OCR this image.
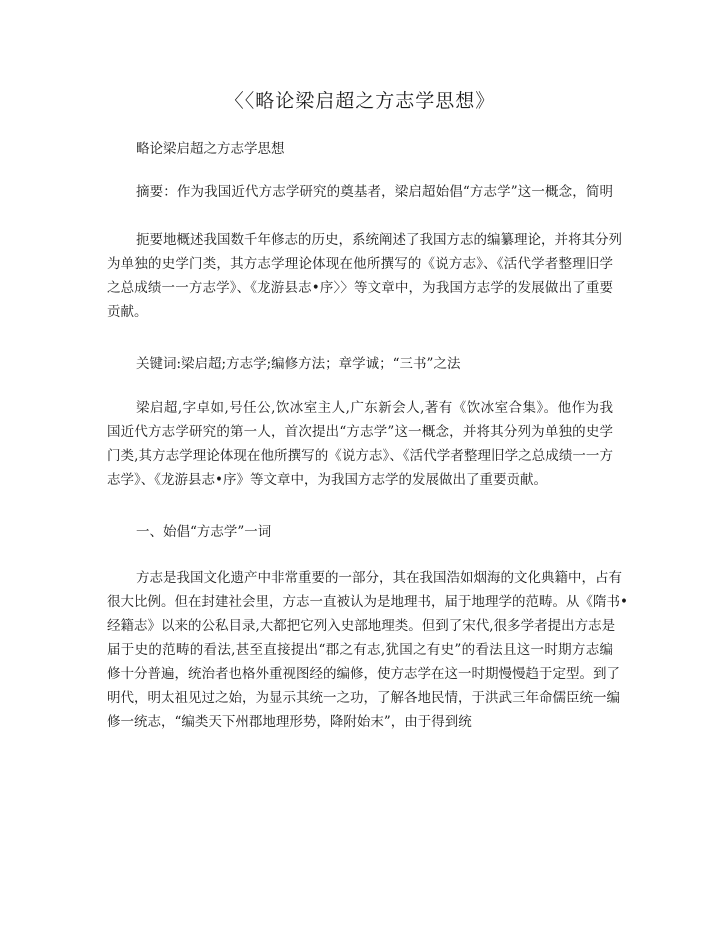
〈〈略论梁启超之方志学思想》
略论梁启超之方志学思想
摘要：作为我国近代方志学研究的奠基者，梁启超始倡“方志学”这一概念，简明
扼要地概述我国数千年修志的历史，系统阐述了我国方志的编纂理论，并将其分列
为单独的史学门类，其方志学理论体现在他所撰写的《说方志》、《活代学者整理旧学
之总成绩一一方志学》、《龙游县志•序〉〉等文章中，为我国方志学的发展做出了重要
贡献。
关键词:梁启超;方志学;编修方法；章学诚；“三书”之法
梁启超,字卓如,号任公,饮冰室主人,广东新会人,著有《饮冰室合集》。他作为我
国近代方志学研究的第一人，首次提出“方志学”这一概念，并将其分列为单独的史学
门类,其方志学理论体现在他所撰写的《说方志》、《活代学者整理旧学之总成绩一一方
志学》、《龙游县志•序》等文章中，为我国方志学的发展做出了重要贡献。
一、始倡“方志学”一词
方志是我国文化遗产中非常重要的一部分，其在我国浩如烟海的文化典籍中，占有
很大比例。但在封建社会里，方志一直被认为是地理书，届于地理学的范畴。从《隋书•
经籍志》以来的公私目录,大都把它列入史部地理类。但到了宋代,很多学者提出方志是
届于史的范畴的看法,甚至直接提出“郡之有志,犹国之有史”的看法且这一时期方志编
修十分普遍，统治者也格外重视图经的编修，使方志学在这一时期慢慢趋于定型。到了
明代，明太祖见过之始，为显示其统一之功，了解各地民情，于洪武三年命儒臣统一编
修一统志，“编类天下州郡地理形势，降附始末”，由于得到统
